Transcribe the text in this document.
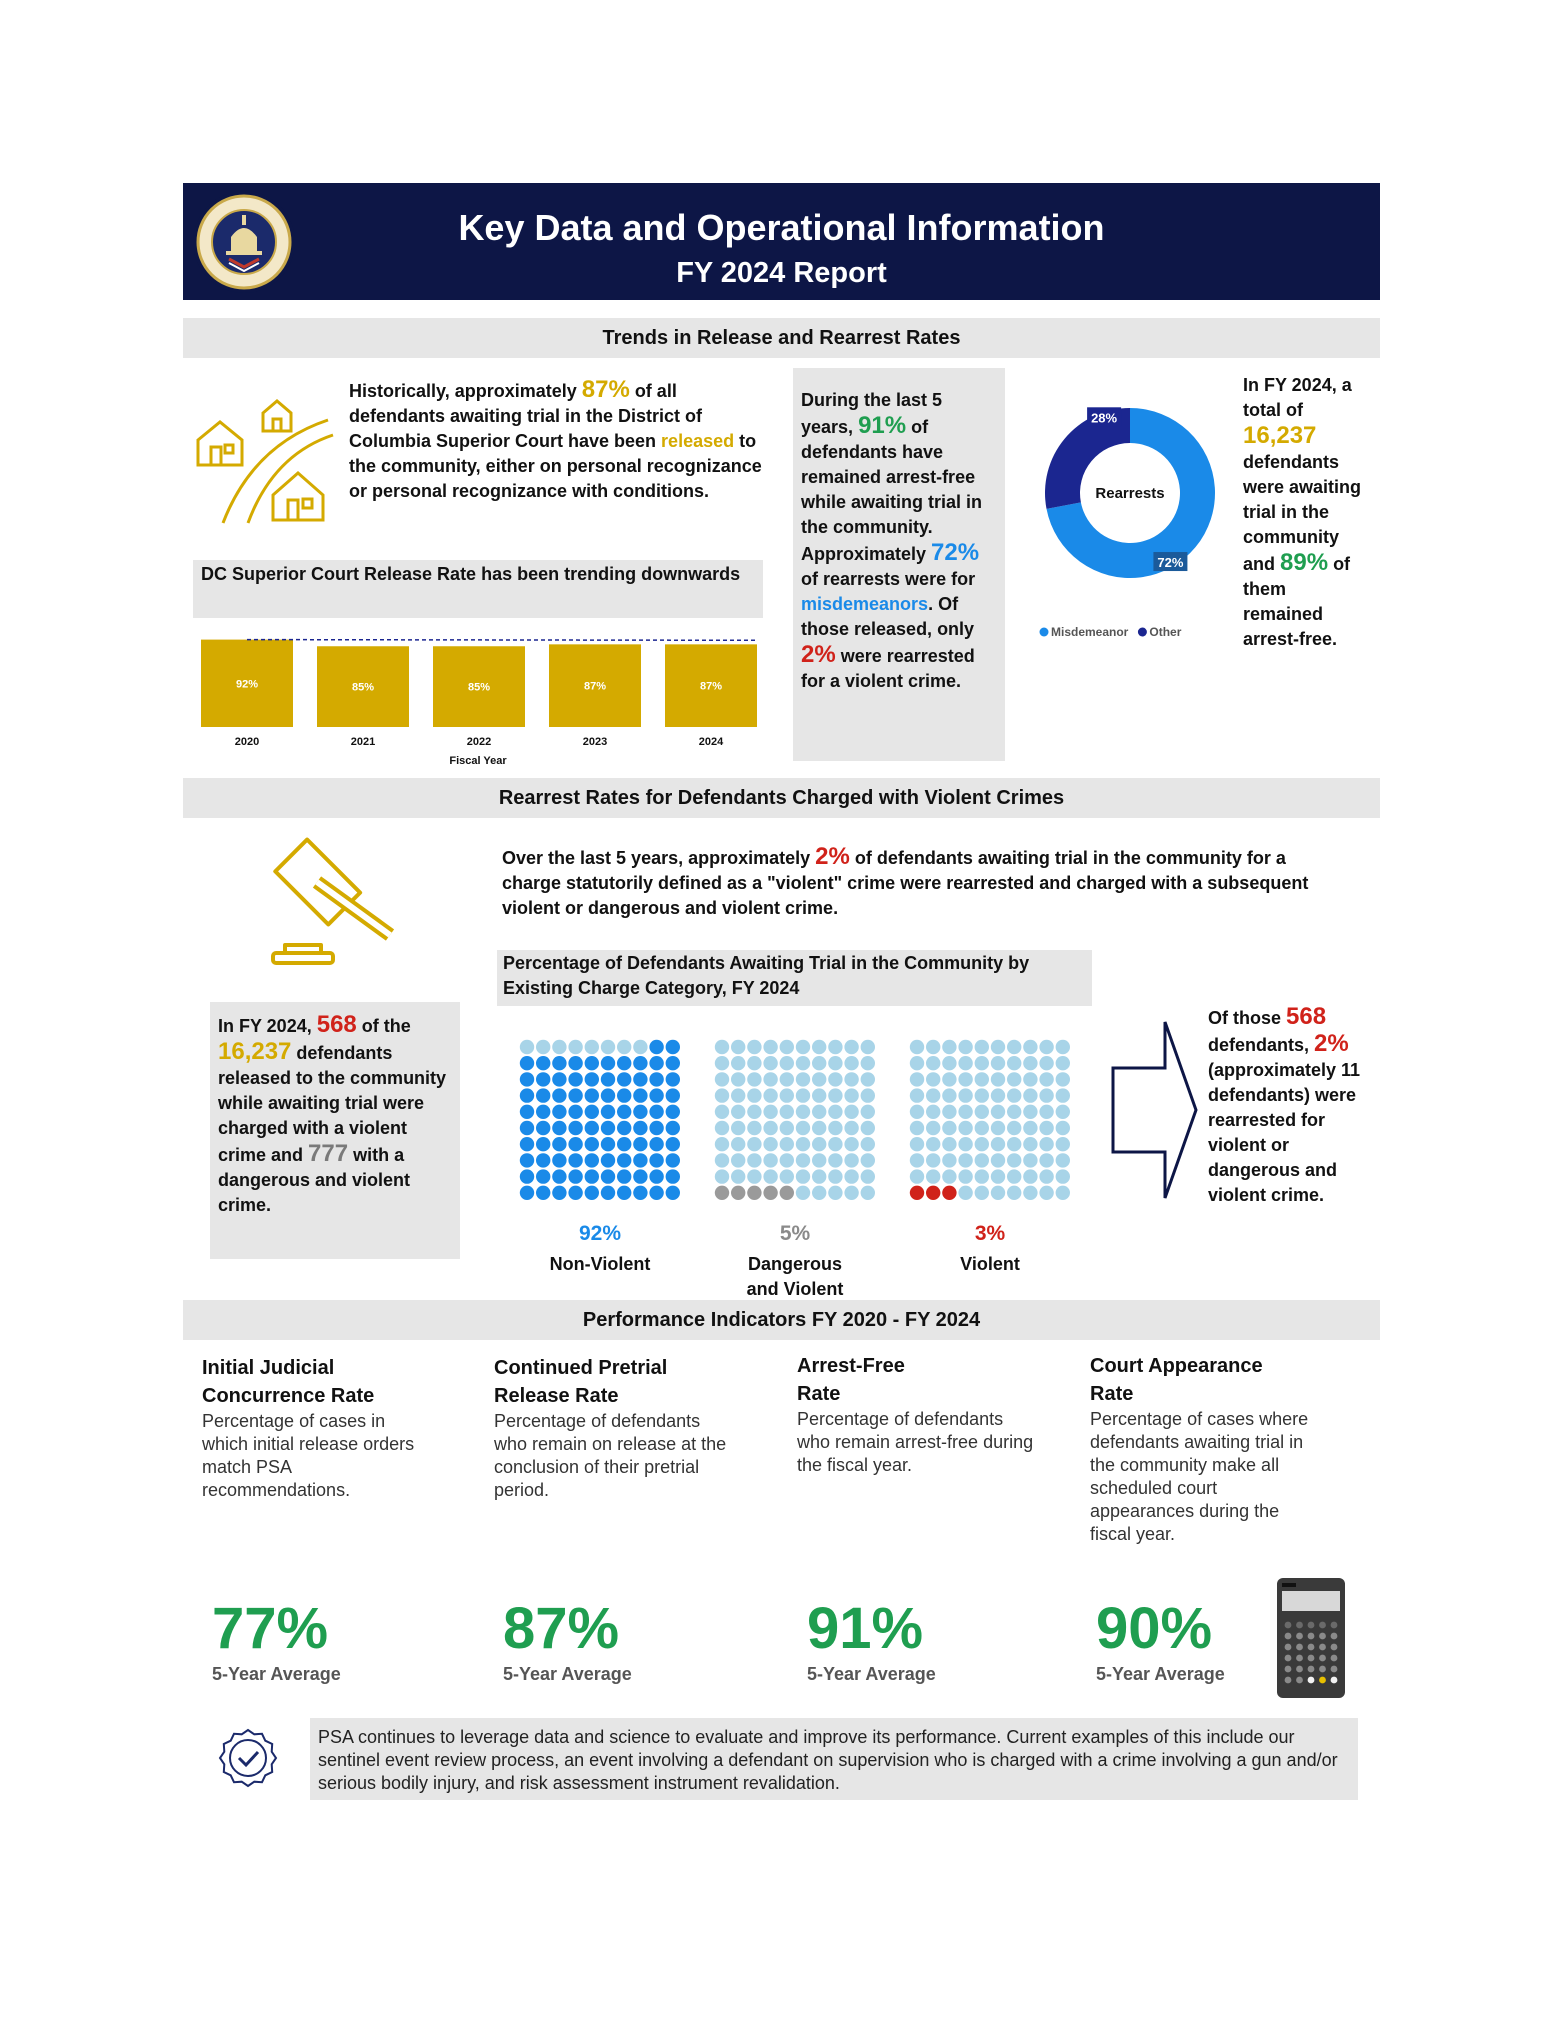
Key Data and Operational Information
FY 2024 Report
Trends in Release and Rearrest Rates
Historically, approximately 87% of all defendants awaiting trial in the District of Columbia Superior Court have been released to the community, either on personal recognizance or personal recognizance with conditions.
DC Superior Court Release Rate has been trending downwards
92%
2020
85%
2021
85%
2022
87%
2023
87%
2024
Fiscal Year
During the last 5 years, 91% of defendants have remained arrest-free while awaiting trial in the community. Approximately 72% of rearrests were for misdemeanors. Of those released, only 2% were rearrested for a violent crime.
72%
28%
Rearrests
Misdemeanor Other
In FY 2024, a total of 16,237 defendants were awaiting trial in the community and 89% of them remained arrest-free.
Rearrest Rates for Defendants Charged with Violent Crimes
Over the last 5 years, approximately 2% of defendants awaiting trial in the community for a charge statutorily defined as a "violent" crime were rearrested and charged with a subsequent violent or dangerous and violent crime.
Percentage of Defendants Awaiting Trial in the Community by Existing Charge Category, FY 2024
In FY 2024, 568 of the 16,237 defendants released to the community while awaiting trial were charged with a violent crime and 777 with a dangerous and violent crime.
92%
Non-Violent
5%
Dangerous and Violent
3%
Violent
Of those 568 defendants, 2% (approximately 11 defendants) were rearrested for violent or dangerous and violent crime.
Performance Indicators FY 2020 - FY 2024
Initial Judicial
Concurrence Rate
Percentage of cases in which initial release orders match PSA recommendations.
Continued Pretrial
Release Rate
Percentage of defendants who remain on release at the conclusion of their pretrial period.
Arrest-Free
Rate
Percentage of defendants who remain arrest-free during the fiscal year.
Court Appearance
Rate
Percentage of cases where defendants awaiting trial in the community make all scheduled court appearances during the fiscal year.
77%
5-Year Average
87%
5-Year Average
91%
5-Year Average
90%
5-Year Average
PSA continues to leverage data and science to evaluate and improve its performance. Current examples of this include our sentinel event review process, an event involving a defendant on supervision who is charged with a crime involving a gun and/or serious bodily injury, and risk assessment instrument revalidation.
